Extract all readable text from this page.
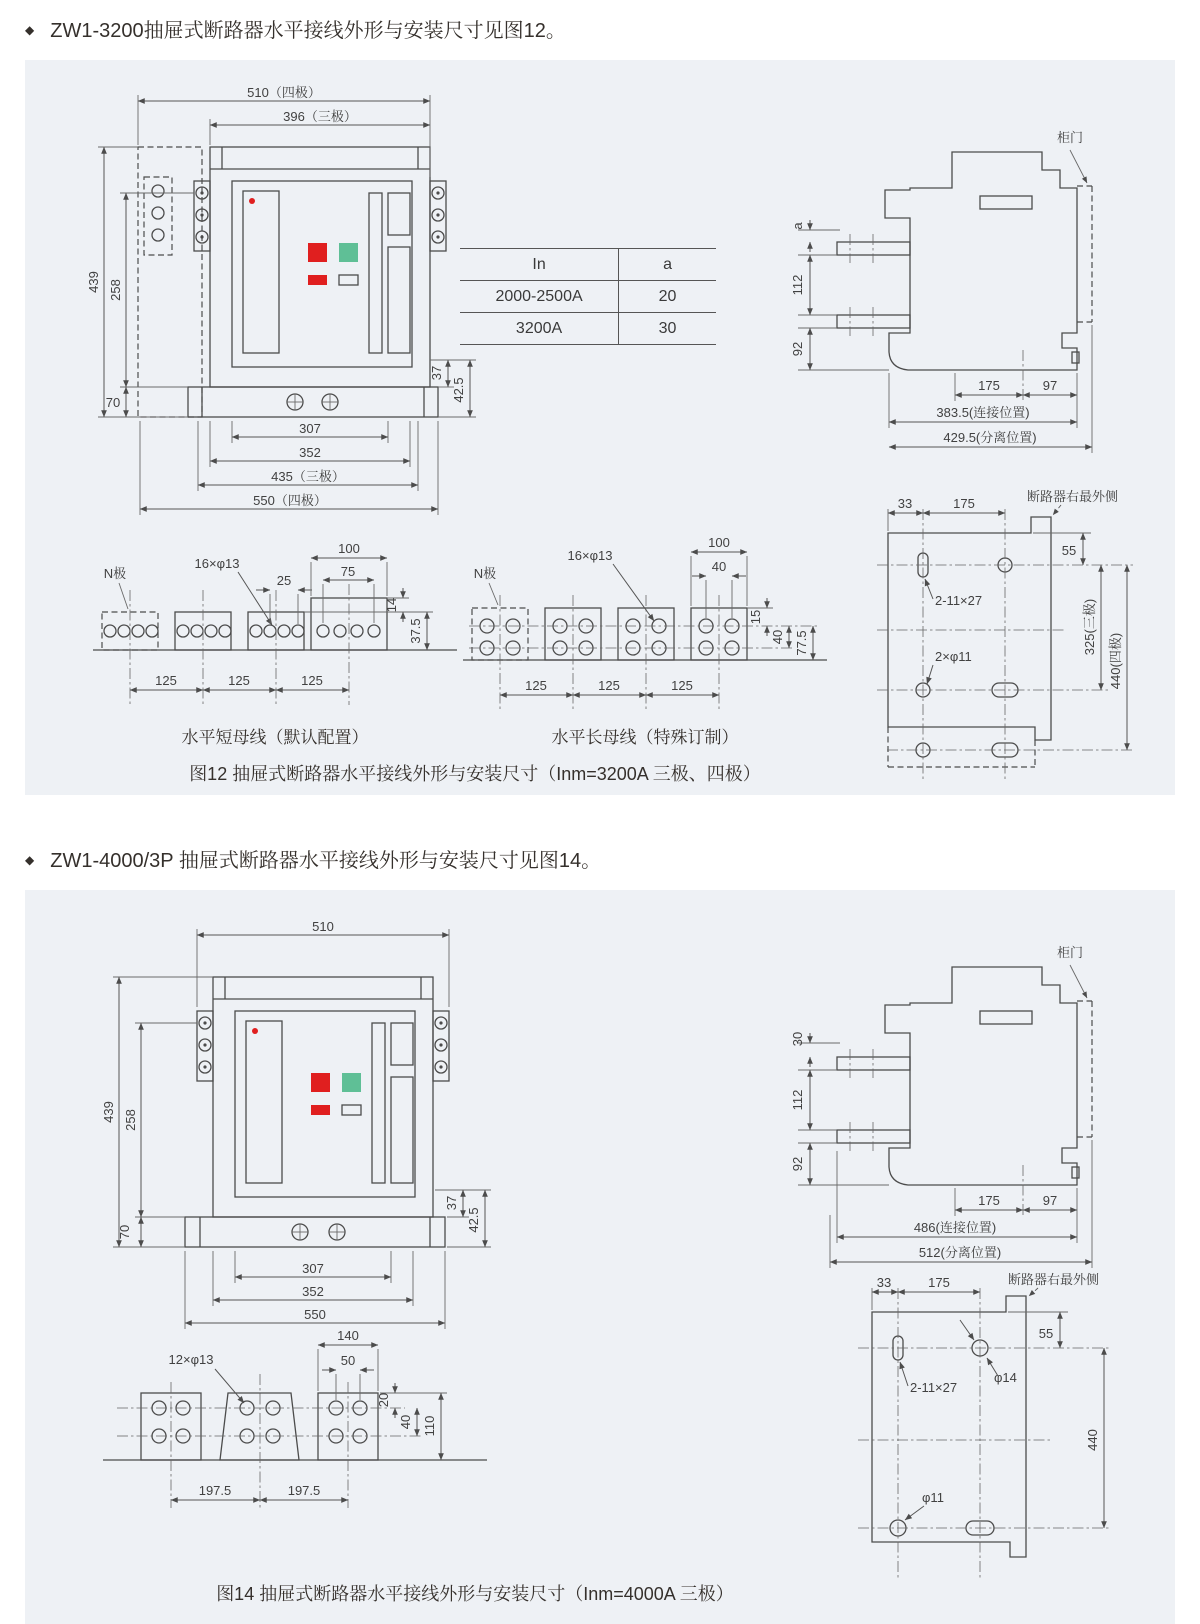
◆ ZW1-3200抽屉式断路器水平接线外形与安装尺寸见图12。
510（四极）
396（三极）
439 258
70
37
42.5
307
352
435（三极）
550（四极）
In	a
2000-2500A	20
3200A	30
柜门
a
112
92
175	97
383.5(连接位置)
429.5(分离位置)
N极
16×φ13
25
100
75
14
37.5
125	125	125
水平短母线（默认配置）
N极
16×φ13
100
40
15
40 77.5
125	125	125
水平长母线（特殊订制）
2-11×27
2×φ11
33	175	断路器右最外侧
55
325(三极)
440(四极)
图12 抽屉式断路器水平接线外形与安装尺寸（Inm=3200A 三极、四极）
◆ ZW1-4000/3P 抽屉式断路器水平接线外形与安装尺寸见图14。
510
439 258
70
37
42.5
307
352
550
柜门
30
112
92
175	97
486(连接位置)
512(分离位置)
12×φ13
140
50
20
40 110
197.5	197.5
2-11×27
φ14
φ11
33	175	断路器右最外侧
55
440
图14 抽屉式断路器水平接线外形与安装尺寸（Inm=4000A 三极）
